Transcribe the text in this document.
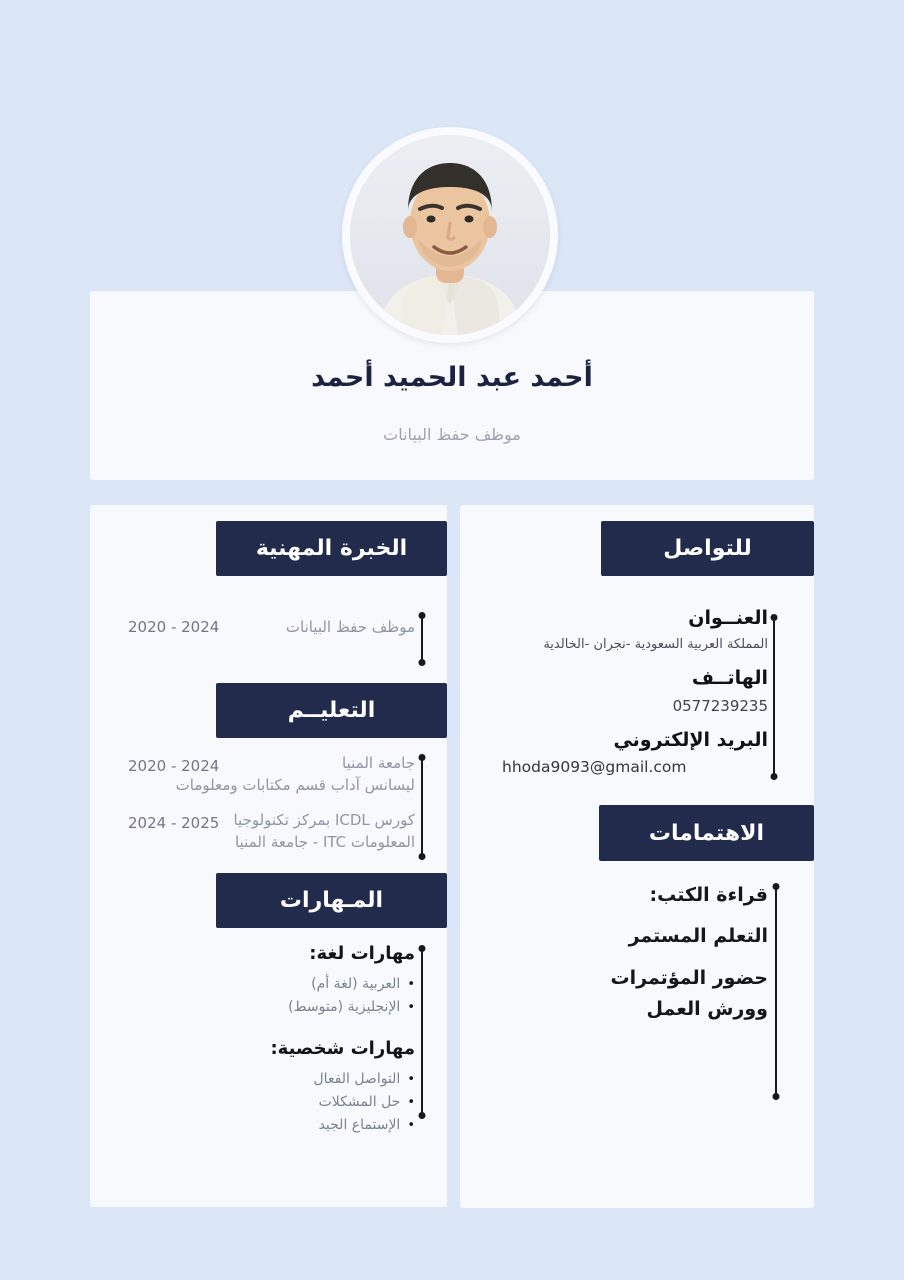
أحمد عبد الحميد أحمد
موظف حفظ البيانات
الخبرة المهنية
موظف حفظ البيانات
2020 - 2024
التعليــم
جامعة المنيا
ليسانس آداب قسم مكتابات ومعلومات
كورس ICDL بمركز تكنولوجيا
المعلومات ITC - جامعة المنيا
2020 - 2024
2024 - 2025
المـهارات
مهارات لغة:
• العربية (لغة أم)
• الإنجليزية (متوسط)
مهارات شخصية:
• التواصل الفعال
• حل المشكلات
• الإستماع الجيد
للتواصل
العنــوان
المملكة العربية السعودية -نجران -الخالدية
الهاتــف
0577239235
البريد الإلكتروني
hhoda9093@gmail.com
الاهتمامات
قراءة الكتب:
التعلم المستمر
حضور المؤتمرات وورش العمل
